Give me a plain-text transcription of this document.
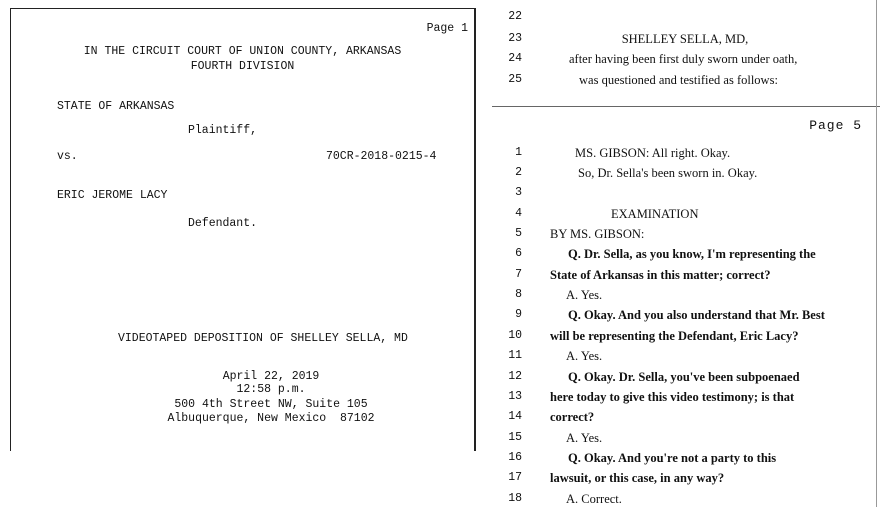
Page 1
IN THE CIRCUIT COURT OF UNION COUNTY, ARKANSAS
FOURTH DIVISION
STATE OF ARKANSAS
Plaintiff,
vs.	70CR-2018-0215-4
ERIC JEROME LACY
Defendant.
VIDEOTAPED DEPOSITION OF SHELLEY SELLA, MD
April 22, 2019
12:58 p.m.
500 4th Street NW, Suite 105
Albuquerque, New Mexico  87102
22
23	SHELLEY SELLA, MD,
24	after having been first duly sworn under oath,
25	was questioned and testified as follows:
Page 5
1	MS. GIBSON: All right. Okay.
2	So, Dr. Sella's been sworn in. Okay.
3
4	EXAMINATION
5 BY MS. GIBSON:
6	Q. Dr. Sella, as you know, I'm representing the
7 State of Arkansas in this matter; correct?
8	A. Yes.
9	Q. Okay. And you also understand that Mr. Best
10 will be representing the Defendant, Eric Lacy?
11	A. Yes.
12	Q. Okay. Dr. Sella, you've been subpoenaed
13 here today to give this video testimony; is that
14 correct?
15	A. Yes.
16	Q. Okay. And you're not a party to this
17 lawsuit, or this case, in any way?
18	A. Correct.
